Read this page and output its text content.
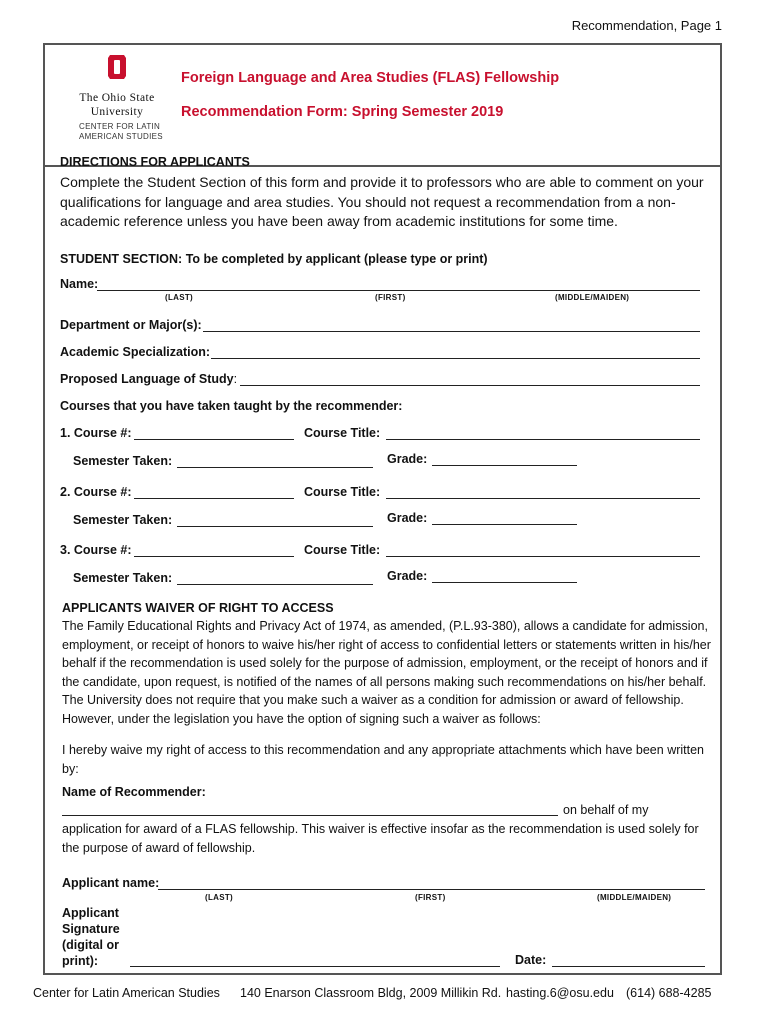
Recommendation, Page 1
The Ohio State
University
CENTER FOR LATIN
AMERICAN STUDIES
Foreign Language and Area Studies (FLAS) Fellowship
Recommendation Form: Spring Semester 2019
DIRECTIONS FOR APPLICANTS
Complete the Student Section of this form and provide it to professors who are able to comment on your qualifications for language and area studies. You should not request a recommendation from a non-academic reference unless you have been away from academic institutions for some time.
STUDENT SECTION: To be completed by applicant (please type or print)
Name:
(LAST)	(FIRST)	(MIDDLE/MAIDEN)
Department or Major(s):
Academic Specialization:
Proposed Language of Study:
Courses that you have taken taught by the recommender:
1. Course #:	Course Title:
Semester Taken:	Grade:
2. Course #:	Course Title:
Semester Taken:	Grade:
3. Course #:	Course Title:
Semester Taken:	Grade:
APPLICANTS WAIVER OF RIGHT TO ACCESS
The Family Educational Rights and Privacy Act of 1974, as amended, (P.L.93-380), allows a candidate for admission, employment, or receipt of honors to waive his/her right of access to confidential letters or statements written in his/her behalf if the recommendation is used solely for the purpose of admission, employment, or the receipt of honors and if the candidate, upon request, is notified of the names of all persons making such recommendations on his/her behalf. The University does not require that you make such a waiver as a condition for admission or award of fellowship. However, under the legislation you have the option of signing such a waiver as follows:
I hereby waive my right of access to this recommendation and any appropriate attachments which have been written by:
Name of Recommender:
on behalf of my
application for award of a FLAS fellowship. This waiver is effective insofar as the recommendation is used solely for the purpose of award of fellowship.
Applicant name:
(LAST)	(FIRST)	(MIDDLE/MAIDEN)
Applicant
Signature
(digital or
print):	Date:
Center for Latin American Studies 140 Enarson Classroom Bldg, 2009 Millikin Rd. hasting.6@osu.edu (614) 688-4285
